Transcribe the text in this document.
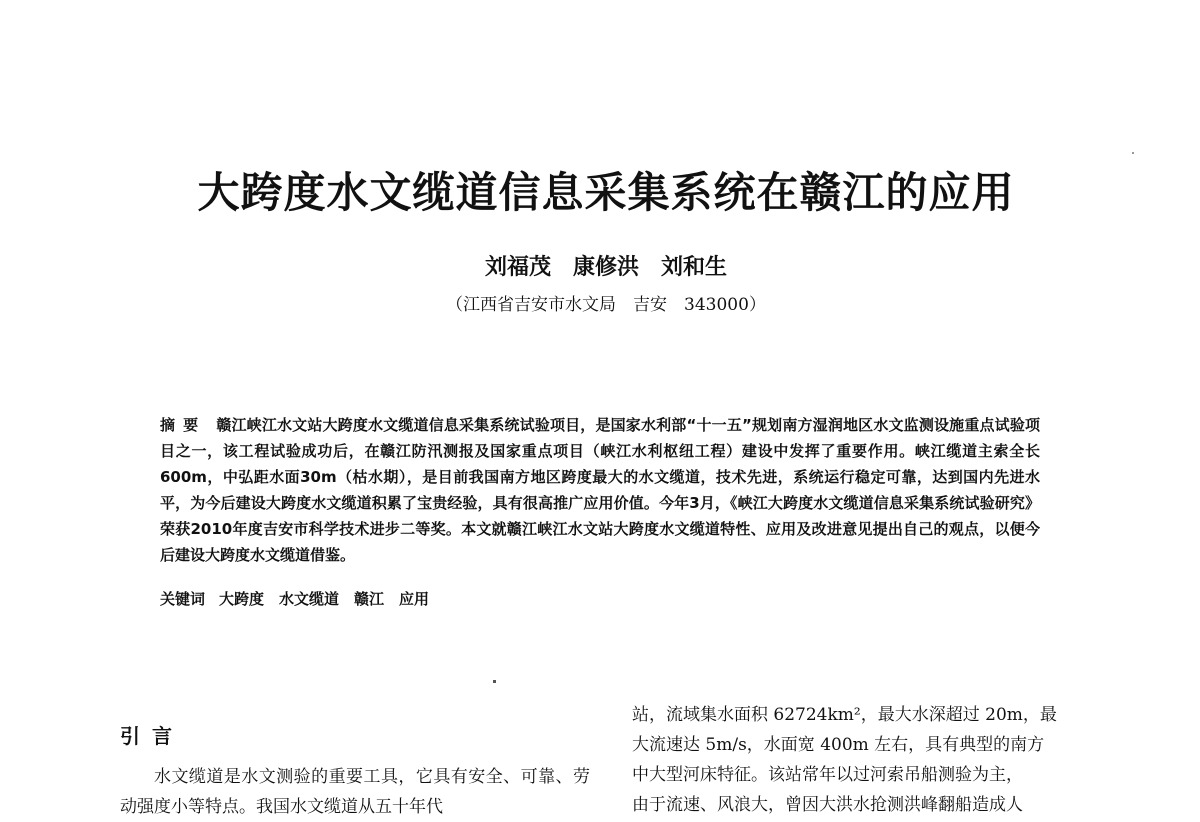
大跨度水文缆道信息采集系统在赣江的应用
刘福茂　康修洪　刘和生
（江西省吉安市水文局　吉安　343000）
摘要 赣江峡江水文站大跨度水文缆道信息采集系统试验项目，是国家水利部“十一五”规划南方湿润地区水文监测设施重点试验项目之一，该工程试验成功后，在赣江防汛测报及国家重点项目（峡江水利枢纽工程）建设中发挥了重要作用。峡江缆道主索全长600m，中弘距水面30m（枯水期），是目前我国南方地区跨度最大的水文缆道，技术先进，系统运行稳定可靠，达到国内先进水平，为今后建设大跨度水文缆道积累了宝贵经验，具有很高推广应用价值。今年3月，《峡江大跨度水文缆道信息采集系统试验研究》荣获2010年度吉安市科学技术进步二等奖。本文就赣江峡江水文站大跨度水文缆道特性、应用及改进意见提出自己的观点，以便今后建设大跨度水文缆道借鉴。
关键词 大跨度　水文缆道　赣江　应用
引言

水文缆道是水文测验的重要工具，它具有安全、可靠、劳动强度小等特点。我国水文缆道从五十年代

站，流域集水面积 62724km²，最大水深超过 20m，最

大流速达 5m/s，水面宽 400m 左右，具有典型的南方

中大型河床特征。该站常年以过河索吊船测验为主，

由于流速、风浪大，曾因大洪水抢测洪峰翻船造成人
